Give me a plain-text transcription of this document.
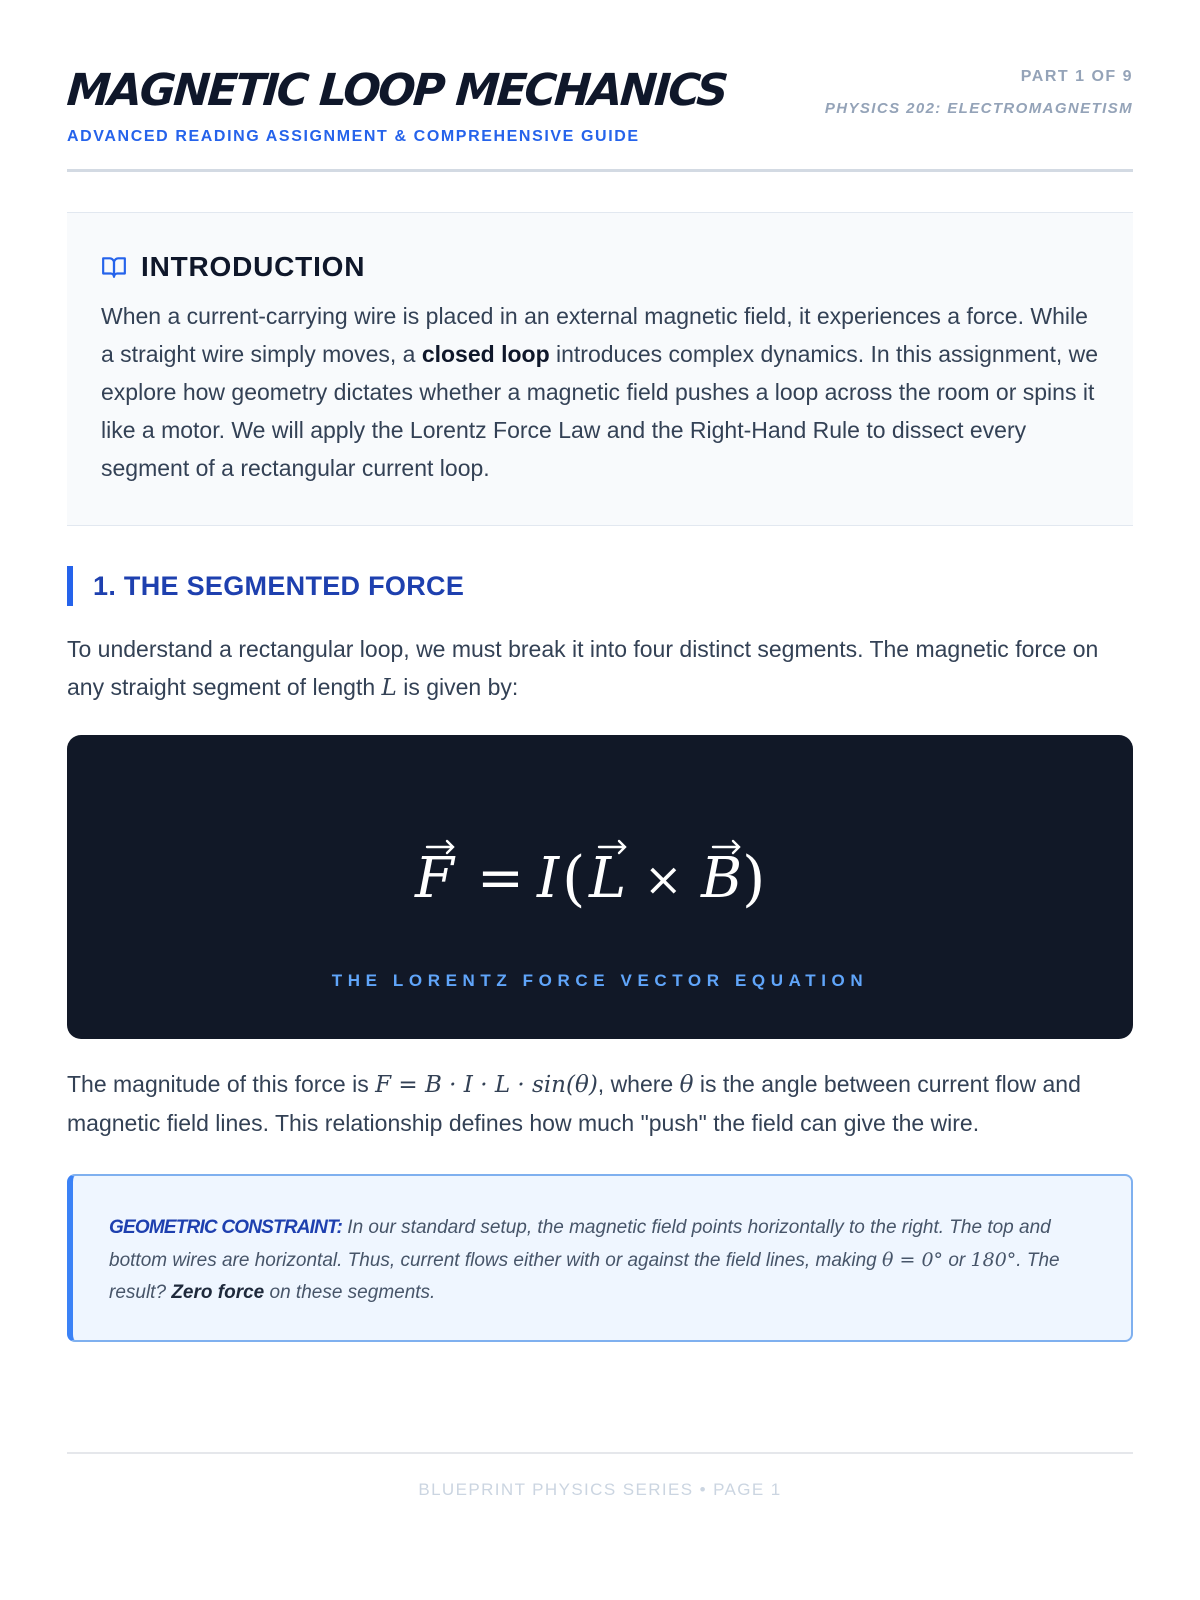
MAGNETIC LOOP MECHANICS
ADVANCED READING ASSIGNMENT & COMPREHENSIVE GUIDE
PART 1 OF 9
PHYSICS 202: ELECTROMAGNETISM
INTRODUCTION

When a current-carrying wire is placed in an external magnetic field, it experiences a force. While a straight wire simply moves, a closed loop introduces complex dynamics. In this assignment, we explore how geometry dictates whether a magnetic field pushes a loop across the room or spins it like a motor. We will apply the Lorentz Force Law and the Right-Hand Rule to dissect every segment of a rectangular current loop.

1. THE SEGMENTED FORCE

To understand a rectangular loop, we must break it into four distinct segments. The magnetic force on any straight segment of length L is given by:

F = I ( L × B )
THE LORENTZ FORCE VECTOR EQUATION

The magnitude of this force is F = B · I · L · sin(θ), where θ is the angle between current flow and magnetic field lines. This relationship defines how much "push" the field can give the wire.

GEOMETRIC CONSTRAINT: In our standard setup, the magnetic field points horizontally to the right. The top and bottom wires are horizontal. Thus, current flows either with or against the field lines, making θ = 0° or 180°. The result? Zero force on these segments.
BLUEPRINT PHYSICS SERIES • PAGE 1
